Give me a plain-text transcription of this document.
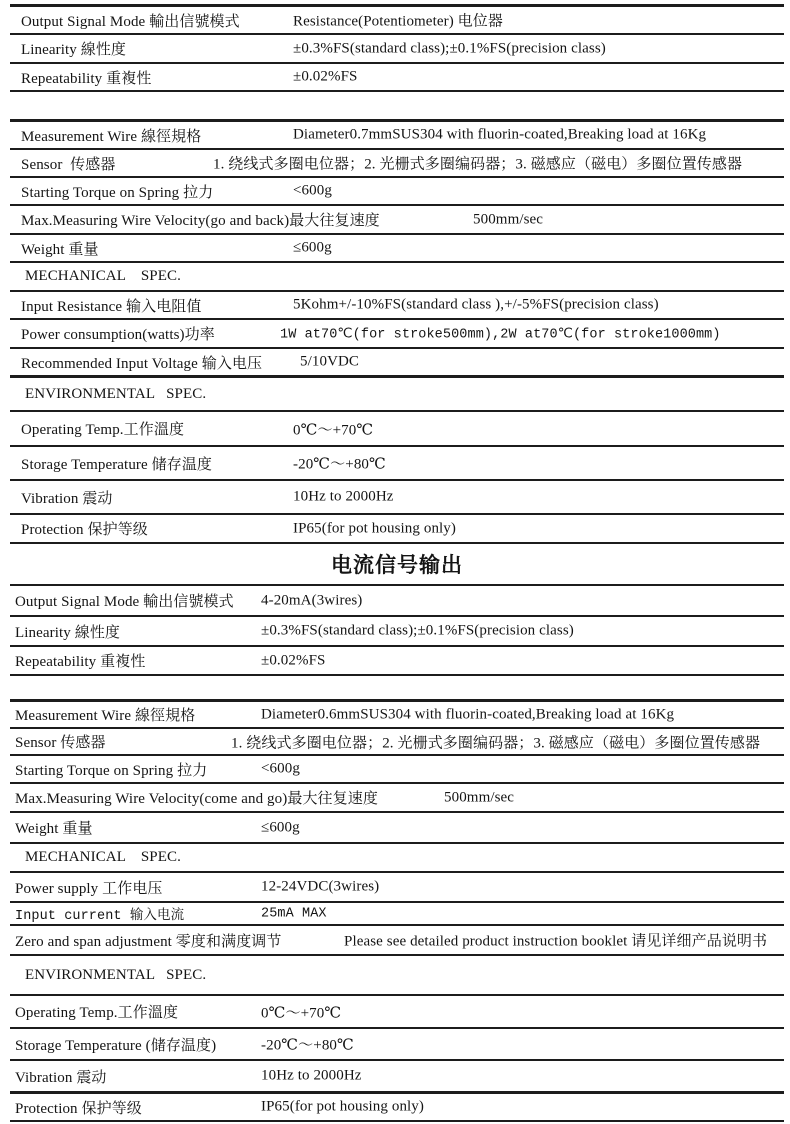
Output Signal Mode 輸出信號模式	Resistance(Potentiometer) 电位器
Linearity 線性度	±0.3%FS(standard class);±0.1%FS(precision class)
Repeatability 重複性	±0.02%FS
Measurement Wire 線徑規格	Diameter0.7mmSUS304 with fluorin-coated,Breaking load at 16Kg
Sensor  传感器	1. 绕线式多圈电位器；2. 光栅式多圈编码器；3. 磁感应（磁电）多圈位置传感器
Starting Torque on Spring 拉力	<600g
Max.Measuring Wire Velocity(go and back)最大往复速度	500mm/sec
Weight 重量	≤600g
MECHANICAL    SPEC.
Input Resistance 输入电阻值	5Kohm+/-10%FS(standard class ),+/-5%FS(precision class)
Power consumption(watts)功率	1W at70℃(for stroke500mm),2W at70℃(for stroke1000mm)
Recommended Input Voltage 输入电压	5/10VDC
ENVIRONMENTAL   SPEC.
Operating Temp.工作溫度	0℃～+70℃
Storage Temperature 储存温度	-20℃～+80℃
Vibration 震动	10Hz to 2000Hz
Protection 保护等级	IP65(for pot housing only)
电流信号输出
Output Signal Mode 輸出信號模式 4-20mA(3wires)
Linearity 線性度	±0.3%FS(standard class);±0.1%FS(precision class)
Repeatability 重複性	±0.02%FS
Measurement Wire 線徑規格	Diameter0.6mmSUS304 with fluorin-coated,Breaking load at 16Kg
Sensor 传感器	1. 绕线式多圈电位器；2. 光栅式多圈编码器；3. 磁感应（磁电）多圈位置传感器
Starting Torque on Spring 拉力	<600g
Max.Measuring Wire Velocity(come and go)最大往复速度	500mm/sec
Weight 重量	≤600g
MECHANICAL    SPEC.
Power supply 工作电压	12-24VDC(3wires)
Input current 输入电流	25mA MAX
Zero and span adjustment 零度和满度调节	Please see detailed product instruction booklet 请见详细产品说明书
ENVIRONMENTAL   SPEC.
Operating Temp.工作溫度	0℃～+70℃
Storage Temperature (储存温度)	-20℃～+80℃
Vibration 震动	10Hz to 2000Hz
Protection 保护等级	IP65(for pot housing only)
